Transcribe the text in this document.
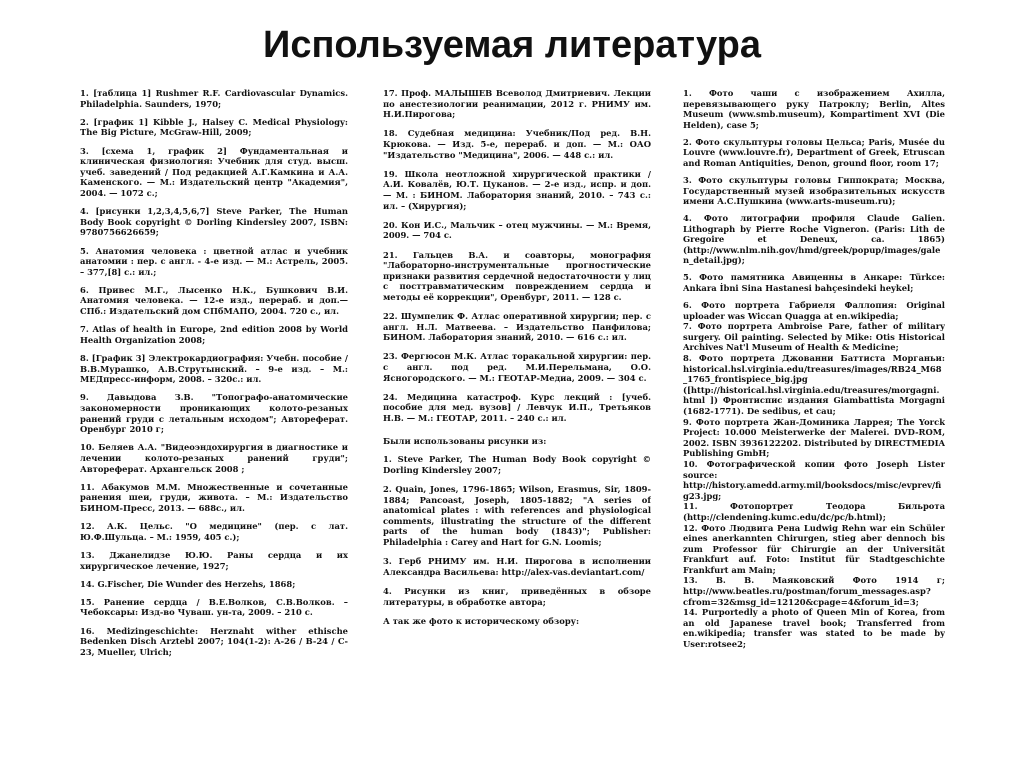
Используемая литература

1. [таблица 1] Rushmer R.F. Cardiovascular Dynamics. Philadelphia. Saunders, 1970;

2. [график 1] Kibble J., Halsey C. Medical Physiology: The Big Picture, McGraw-Hill, 2009;

3. [схема 1, график 2] Фундаментальная и клиническая физиология: Учебник для студ. высш. учеб. заведений / Под редакцией А.Г.Камкина и А.А. Каменского. — М.: Издательский центр "Академия", 2004. — 1072 с.;

4. [рисунки 1,2,3,4,5,6,7] Steve Parker, The Human Body Book copyright © Dorling Kindersley 2007, ISBN: 9780756626659;

5. Анатомия человека : цветной атлас и учебник анатомии : пер. с англ. - 4-е изд. — М.: Астрель, 2005. – 377,[8] с.: ил.;

6. Привес М.Г., Лысенко Н.К., Бушкович В.И. Анатомия человека. — 12-е изд., перераб. и доп.— СПб.: Издательский дом СПбМАПО, 2004. 720 с., ил.

7. Atlas of health in Europe, 2nd edition 2008 by World Health Organization 2008;

8. [График 3] Электрокардиография: Учебн. пособие / В.В.Мурашко, А.В.Струтынский. – 9-е изд. – М.: МЕДпресс-информ, 2008. – 320с.: ил.

9. Давыдова З.В. "Топографо-анатомические закономерности проникающих колото-резаных ранений груди с летальным исходом"; Автореферат. Оренбург 2010 г;

10. Беляев А.А. "Видеоэндохирургия в диагностике и лечении колото-резаных ранений груди"; Автореферат. Архангельск 2008 ;

11. Абакумов М.М. Множественные и сочетанные ранения шеи, груди, живота. – М.: Издательство БИНОМ-Пресс, 2013. — 688с., ил.

12. А.К. Цельс. "О медицине" (пер. с лат. Ю.Ф.Шульца. – М.: 1959, 405 с.);

13. Джанелидзе Ю.Ю. Раны сердца и их хирургическое лечение, 1927;

14. G.Fischer, Die Wunder des Herzehs, 1868;

15. Ранение сердца / В.Е.Волков, С.В.Волков. – Чебоксары: Изд-во Чуваш. ун-та, 2009. – 210 с.

16. Medizingeschichte: Herznaht wither ethische Bedenken Disch Arztebl 2007; 104(1-2): A-26 / B-24 / C-23, Mueller, Ulrich;

17. Проф. МАЛЫШЕВ Всеволод Дмитриевич. Лекции по анестезиологии реанимации, 2012 г. РНИМУ им. Н.И.Пирогова;

18. Судебная медицина: Учебник/Под ред. В.Н. Крюкова. — Изд. 5-е, перераб. и доп. — М.: ОАО "Издательство "Медицина", 2006. — 448 с.: ил.

19. Школа неотложной хирургической практики / А.И. Ковалёв, Ю.Т. Цуканов. — 2-е изд., испр. и доп. — М. : БИНОМ. Лаборатория знаний, 2010. – 743 с.: ил. – (Хирургия);

20. Кон И.С., Мальчик – отец мужчины. — М.: Время, 2009. — 704 с.

21. Гальцев В.А. и соавторы, монография "Лабораторно-инструментальные прогностические признаки развития сердечной недостаточности у лиц с посттравматическим повреждением сердца и методы её коррекции", Оренбург, 2011. — 128 с.

22. Шумпелик Ф. Атлас оперативной хирургии; пер. с англ. Н.Л. Матвеева. – Издательство Панфилова; БИНОМ. Лаборатория знаний, 2010. — 616 с.: ил.

23. Фергюсон М.К. Атлас торакальной хирургии: пер. с англ. под ред. М.И.Перельмана, О.О. Ясногородского. — М.: ГЕОТАР-Медиа, 2009. — 304 с.

24. Медицина катастроф. Курс лекций : [учеб. пособие для мед. вузов] / Левчук И.П., Третьяков Н.В. — М.: ГЕОТАР, 2011. – 240 с.: ил.

Были использованы рисунки из:

1. Steve Parker, The Human Body Book copyright © Dorling Kindersley 2007;

2. Quain, Jones, 1796-1865; Wilson, Erasmus, Sir, 1809-1884; Pancoast, Joseph, 1805-1882; "A series of anatomical plates : with references and physiological comments, illustrating the structure of the different parts of the human body (1843)"; Publisher: Philadelphia : Carey and Hart for G.N. Loomis;

3. Герб РНИМУ им. Н.И. Пирогова в исполнении Александра Васильева: http://alex-vas.deviantart.com/

4. Рисунки из книг, приведённых в обзоре литературы, в обработке автора;

А так же фото к историческому обзору:

1. Фото чаши с изображением Ахилла, перевязывающего руку Патроклу; Berlin, Altes Museum (www.smb.museum), Kompartiment XVI (Die Helden), case 5;

2. Фото скульптуры головы Цельса; Paris, Musée du Louvre (www.louvre.fr), Department of Greek, Etruscan and Roman Antiquities, Denon, ground floor, room 17;

3. Фото скульптуры головы Гиппократа; Москва, Государственный музей изобразительных искусств имени А.С.Пушкина (www.arts-museum.ru);

4. Фото литографии профиля Claude Galien. Lithograph by Pierre Roche Vigneron. (Paris: Lith de Gregoire et Deneux, ca. 1865) (http://www.nlm.nih.gov/hmd/greek/popup/images/galen_detail.jpg);

5. Фото памятника Авиценны в Анкаре: Türkce: Ankara İbni Sina Hastanesi bahçesindeki heykel;

6. Фото портрета Габриеля Фаллопия: Original uploader was Wiccan Quagga at en.wikipedia;

7. Фото портрета Ambroise Pare, father of military surgery. Oil painting. Selected by Mike: Otis Historical Archives Nat'l Museum of Health & Medicine;

8. Фото портрета Джованни Баттиста Морганьи: historical.hsl.virginia.edu/treasures/images/RB24_M68_1765_frontispiece_big.jpg ([http://historical.hsl.virginia.edu/treasures/morgagni.html ]) Фронтиспис издания Giambattista Morgagni (1682-1771). De sedibus, et cau;

9. Фото портрета Жан-Доминика Ларрея; The Yorck Project: 10.000 Meisterwerke der Malerei. DVD-ROM, 2002. ISBN 3936122202. Distributed by DIRECTMEDIA Publishing GmbH;

10. Фотографической копии фото Joseph Lister source: http://history.amedd.army.mil/booksdocs/misc/evprev/fig23.jpg;

11. Фотопортрет Теодора Бильрота (http://clendening.kumc.edu/dc/pc/b.html);

12. Фото Людвига Рена Ludwig Rehn war ein Schüler eines anerkannten Chirurgen, stieg aber dennoch bis zum Professor für Chirurgie an der Universität Frankfurt auf. Foto: Institut für Stadtgeschichte Frankfurt am Main;

13. В. В. Маяковский Фото 1914 г; http://www.beatles.ru/postman/forum_messages.asp?cfrom=32&msg_id=12120&cpage=4&forum_id=3;

14. Purportedly a photo of Queen Min of Korea, from an old Japanese travel book; Transferred from en.wikipedia; transfer was stated to be made by User:rotsee2;
